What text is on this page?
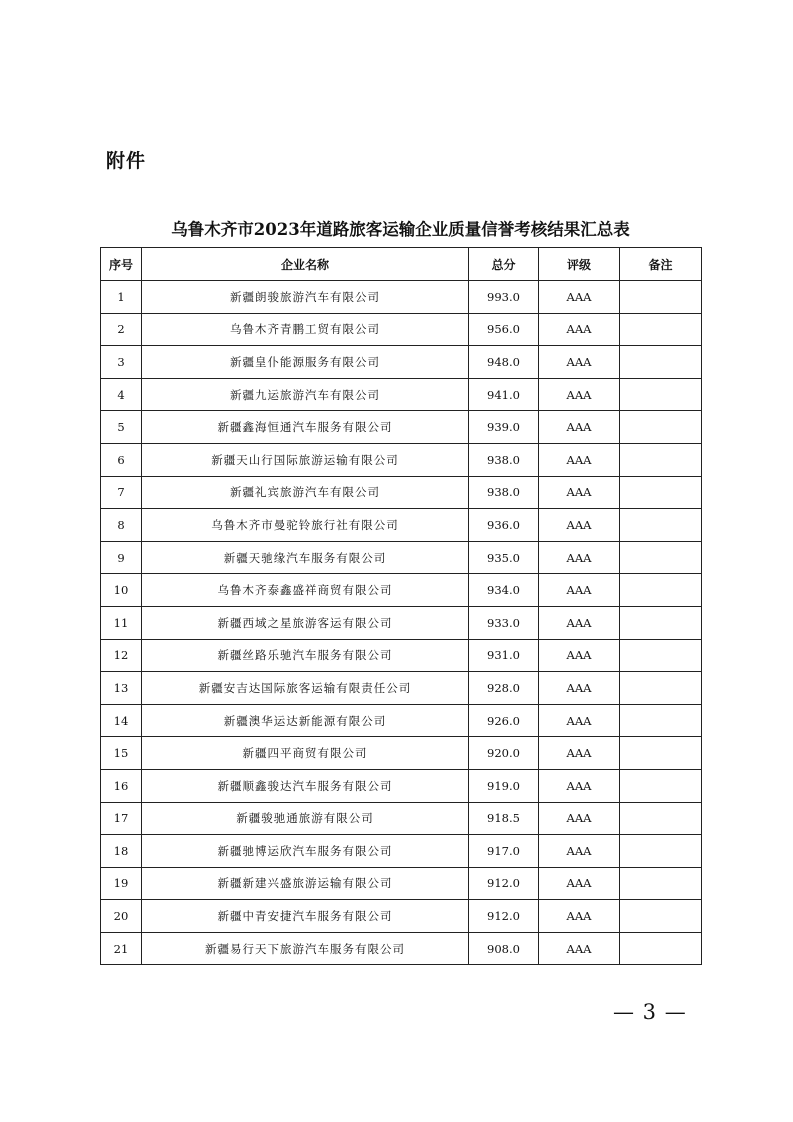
附件
乌鲁木齐市2023年道路旅客运输企业质量信誉考核结果汇总表
序号	企业名称	总分	评级	备注
1	新疆朗骏旅游汽车有限公司	993.0	AAA	
2	乌鲁木齐青鹏工贸有限公司	956.0	AAA	
3	新疆皇仆能源服务有限公司	948.0	AAA	
4	新疆九运旅游汽车有限公司	941.0	AAA	
5	新疆鑫海恒通汽车服务有限公司	939.0	AAA	
6	新疆天山行国际旅游运输有限公司	938.0	AAA	
7	新疆礼宾旅游汽车有限公司	938.0	AAA	
8	乌鲁木齐市曼驼铃旅行社有限公司	936.0	AAA	
9	新疆天驰缘汽车服务有限公司	935.0	AAA	
10	乌鲁木齐泰鑫盛祥商贸有限公司	934.0	AAA	
11	新疆西域之星旅游客运有限公司	933.0	AAA	
12	新疆丝路乐驰汽车服务有限公司	931.0	AAA	
13	新疆安吉达国际旅客运输有限责任公司	928.0	AAA	
14	新疆澳华运达新能源有限公司	926.0	AAA	
15	新疆四平商贸有限公司	920.0	AAA	
16	新疆顺鑫骏达汽车服务有限公司	919.0	AAA	
17	新疆骏驰通旅游有限公司	918.5	AAA	
18	新疆驰博运欣汽车服务有限公司	917.0	AAA	
19	新疆新建兴盛旅游运输有限公司	912.0	AAA	
20	新疆中青安捷汽车服务有限公司	912.0	AAA	
21	新疆易行天下旅游汽车服务有限公司	908.0	AAA	
— 3 —
